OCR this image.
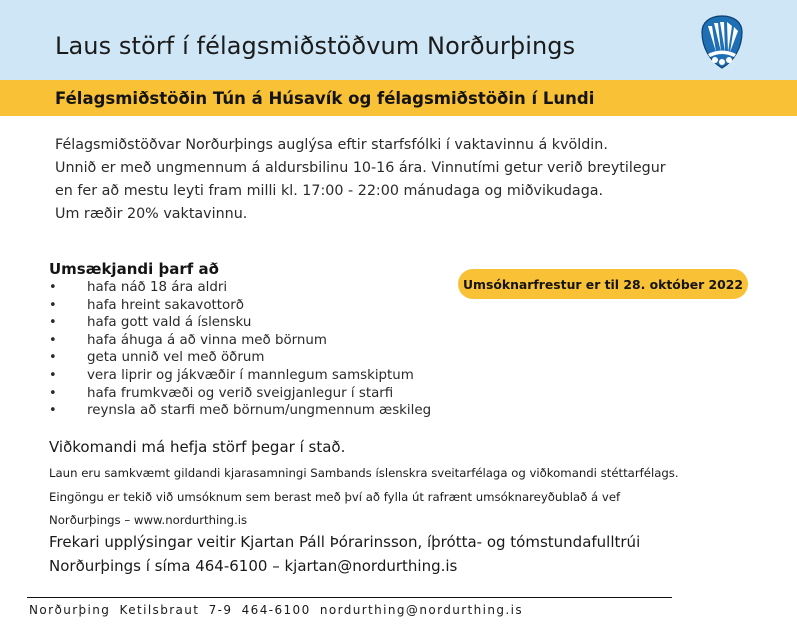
Laus störf í félagsmiðstöðvum Norðurþings
Félagsmiðstöðin Tún á Húsavík og félagsmiðstöðin í Lundi

Félagsmiðstöðvar Norðurþings auglýsa eftir starfsfólki í vaktavinnu á kvöldin.

Unnið er með ungmennum á aldursbilinu 10-16 ára. Vinnutími getur verið breytilegur

en fer að mestu leyti fram milli kl. 17:00 - 22:00 mánudaga og miðvikudaga.

Um ræðir 20% vaktavinnu.

Umsækjandi þarf að
• hafa náð 18 ára aldri
• hafa hreint sakavottorð
• hafa gott vald á íslensku
• hafa áhuga á að vinna með börnum
• geta unnið vel með öðrum
• vera liprir og jákvæðir í mannlegum samskiptum
• hafa frumkvæði og verið sveigjanlegur í starfi
• reynsla að starfi með börnum/ungmennum æskileg
Umsóknarfrestur er til 28. október 2022
Viðkomandi má hefja störf þegar í stað.

Laun eru samkvæmt gildandi kjarasamningi Sambands íslenskra sveitarfélaga og viðkomandi stéttarfélags.

Eingöngu er tekið við umsóknum sem berast með því að fylla út rafrænt umsóknareyðublað á vef

Norðurþings – www.nordurthing.is

Frekari upplýsingar veitir Kjartan Páll Þórarinsson, íþrótta- og tómstundafulltrúi

Norðurþings í síma 464-6100 – kjartan@nordurthing.is

Norðurþing Ketilsbraut 7-9 464-6100 nordurthing@nordurthing.is
